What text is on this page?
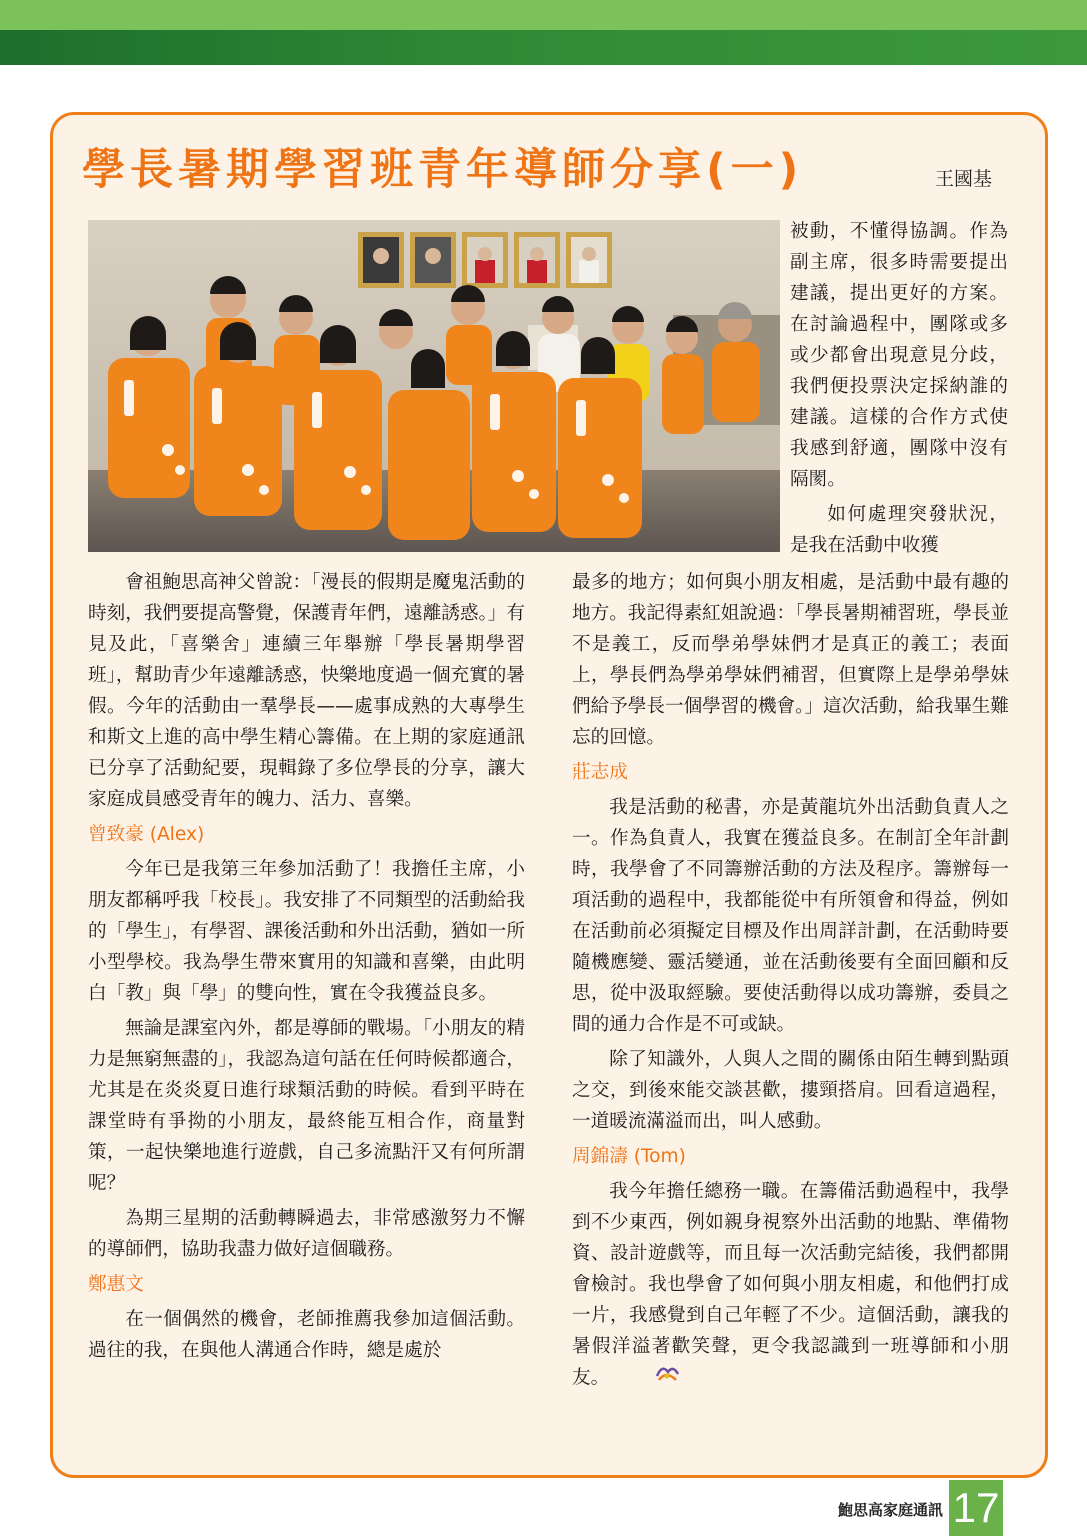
學長暑期學習班青年導師分享(一)	王國基
喜樂舍

被動，不懂得協調。作為副主席，很多時需要提出建議，提出更好的方案。在討論過程中，團隊或多或少都會出現意見分歧，我們便投票決定採納誰的建議。這樣的合作方式使我感到舒適，團隊中沒有隔閡。

如何處理突發狀況，是我在活動中收獲

會祖鮑思高神父曾說：「漫長的假期是魔鬼活動的時刻，我們要提高警覺，保護青年們，遠離誘惑。」有見及此，「喜樂舍」連續三年舉辦「學長暑期學習班」，幫助青少年遠離誘惑，快樂地度過一個充實的暑假。今年的活動由一羣學長——處事成熟的大專學生和斯文上進的高中學生精心籌備。在上期的家庭通訊已分享了活動紀要，現輯錄了多位學長的分享，讓大家庭成員感受青年的魄力、活力、喜樂。

曾致豪 (Alex)

今年已是我第三年參加活動了！我擔任主席，小朋友都稱呼我「校長」。我安排了不同類型的活動給我的「學生」，有學習、課後活動和外出活動，猶如一所小型學校。我為學生帶來實用的知識和喜樂，由此明白「教」與「學」的雙向性，實在令我獲益良多。

無論是課室內外，都是導師的戰場。「小朋友的精力是無窮無盡的」，我認為這句話在任何時候都適合，尤其是在炎炎夏日進行球類活動的時候。看到平時在課堂時有爭拗的小朋友，最終能互相合作，商量對策，一起快樂地進行遊戲，自己多流點汗又有何所謂呢？

為期三星期的活動轉瞬過去，非常感激努力不懈的導師們，協助我盡力做好這個職務。

鄭惠文

在一個偶然的機會，老師推薦我參加這個活動。過往的我，在與他人溝通合作時，總是處於

最多的地方；如何與小朋友相處，是活動中最有趣的地方。我記得素紅姐說過：「學長暑期補習班，學長並不是義工，反而學弟學妹們才是真正的義工；表面上，學長們為學弟學妹們補習，但實際上是學弟學妹們給予學長一個學習的機會。」這次活動，給我畢生難忘的回憶。

莊志成

我是活動的秘書，亦是黃龍坑外出活動負責人之一。作為負責人，我實在獲益良多。在制訂全年計劃時，我學會了不同籌辦活動的方法及程序。籌辦每一項活動的過程中，我都能從中有所領會和得益，例如在活動前必須擬定目標及作出周詳計劃，在活動時要隨機應變、靈活變通，並在活動後要有全面回顧和反思，從中汲取經驗。要使活動得以成功籌辦，委員之間的通力合作是不可或缺。

除了知識外，人與人之間的關係由陌生轉到點頭之交，到後來能交談甚歡，摟頸搭肩。回看這過程，一道暖流滿溢而出，叫人感動。

周錦濤 (Tom)

我今年擔任總務一職。在籌備活動過程中，我學到不少東西，例如親身視察外出活動的地點、準備物資、設計遊戲等，而且每一次活動完結後，我們都開會檢討。我也學會了如何與小朋友相處，和他們打成一片，我感覺到自己年輕了不少。這個活動，讓我的暑假洋溢著歡笑聲，更令我認識到一班導師和小朋友。

鮑思高家庭通訊 17
